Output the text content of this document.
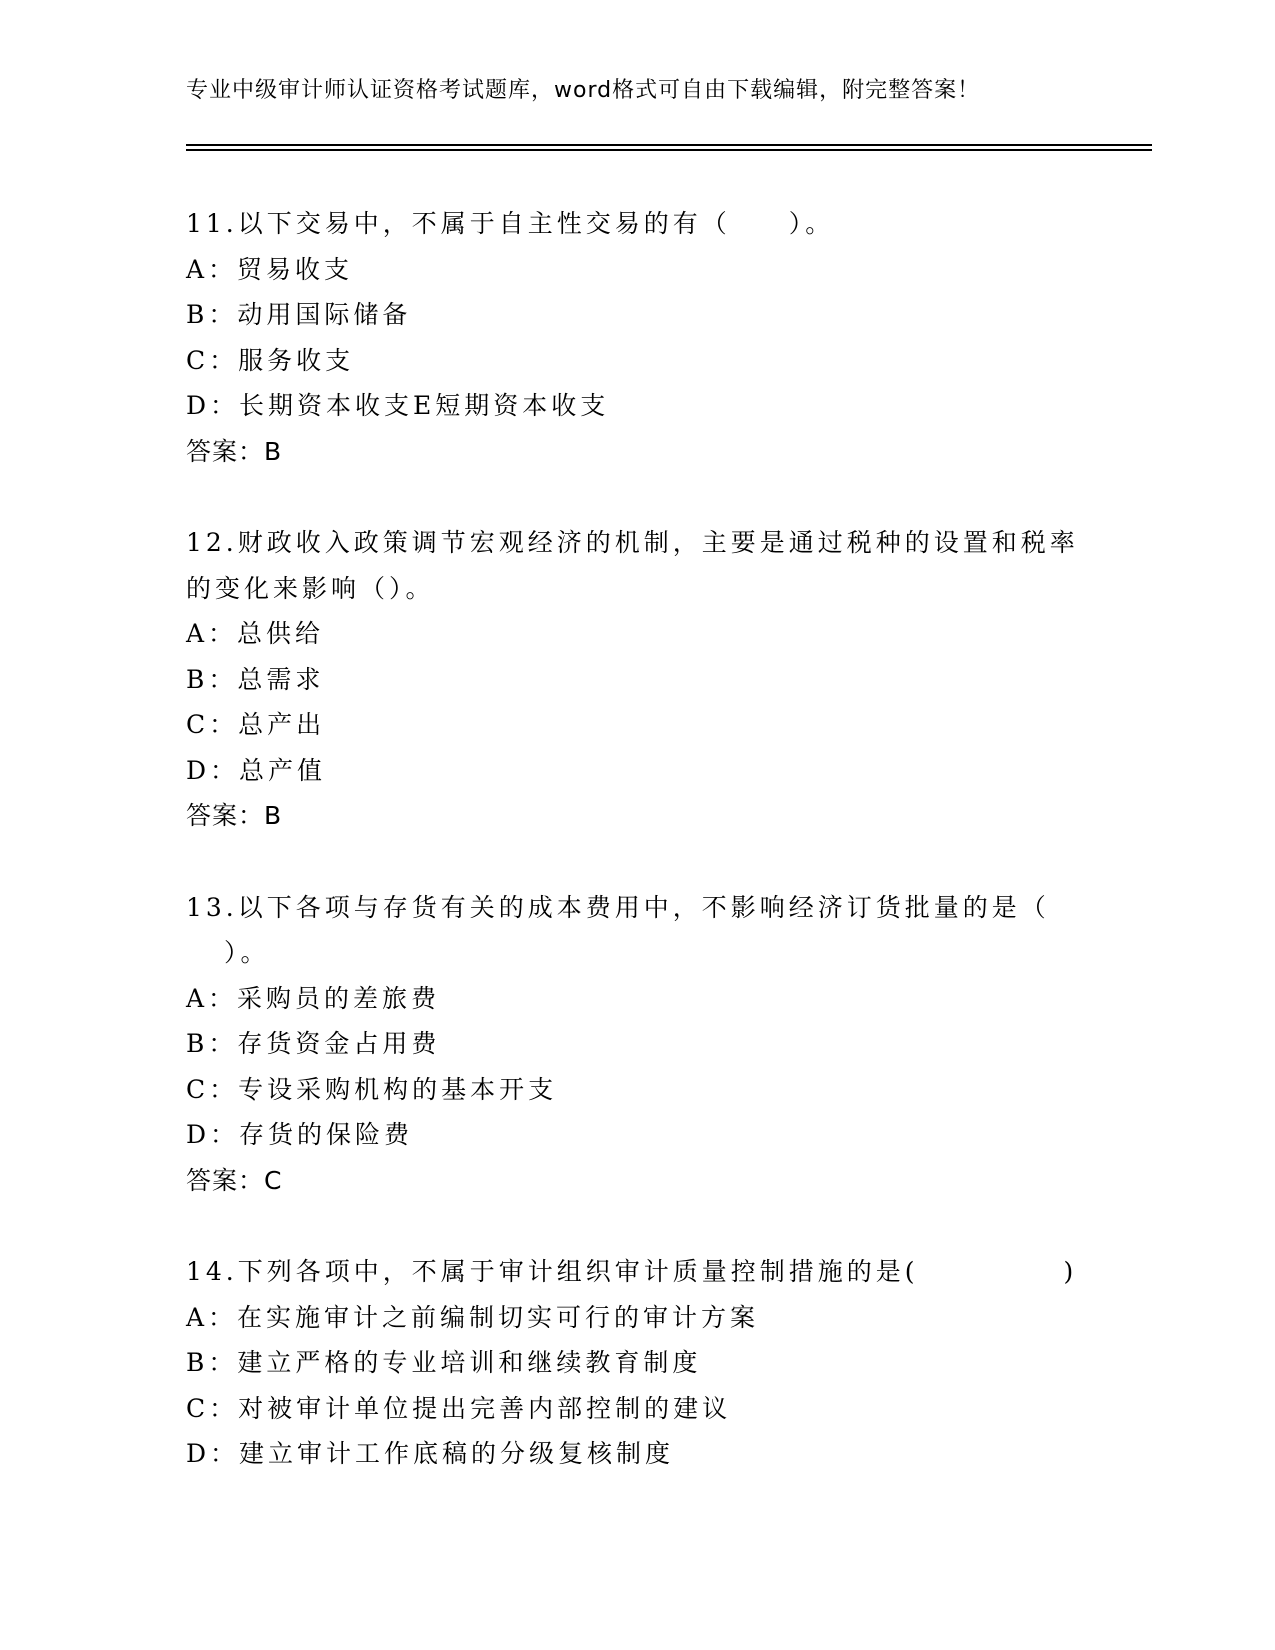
专业中级审计师认证资格考试题库，word格式可自由下载编辑，附完整答案！
11.以下交易中，不属于自主性交易的有（　　）。
A：贸易收支
B：动用国际储备
C：服务收支
D：长期资本收支E短期资本收支
答案：B
12.财政收入政策调节宏观经济的机制，主要是通过税种的设置和税率
的变化来影响（）。
A：总供给
B：总需求
C：总产出
D：总产值
答案：B
13.以下各项与存货有关的成本费用中，不影响经济订货批量的是（
）。
A：采购员的差旅费
B：存货资金占用费
C：专设采购机构的基本开支
D：存货的保险费
答案：C
14.下列各项中，不属于审计组织审计质量控制措施的是(　　　　　)
A：在实施审计之前编制切实可行的审计方案
B：建立严格的专业培训和继续教育制度
C：对被审计单位提出完善内部控制的建议
D：建立审计工作底稿的分级复核制度
